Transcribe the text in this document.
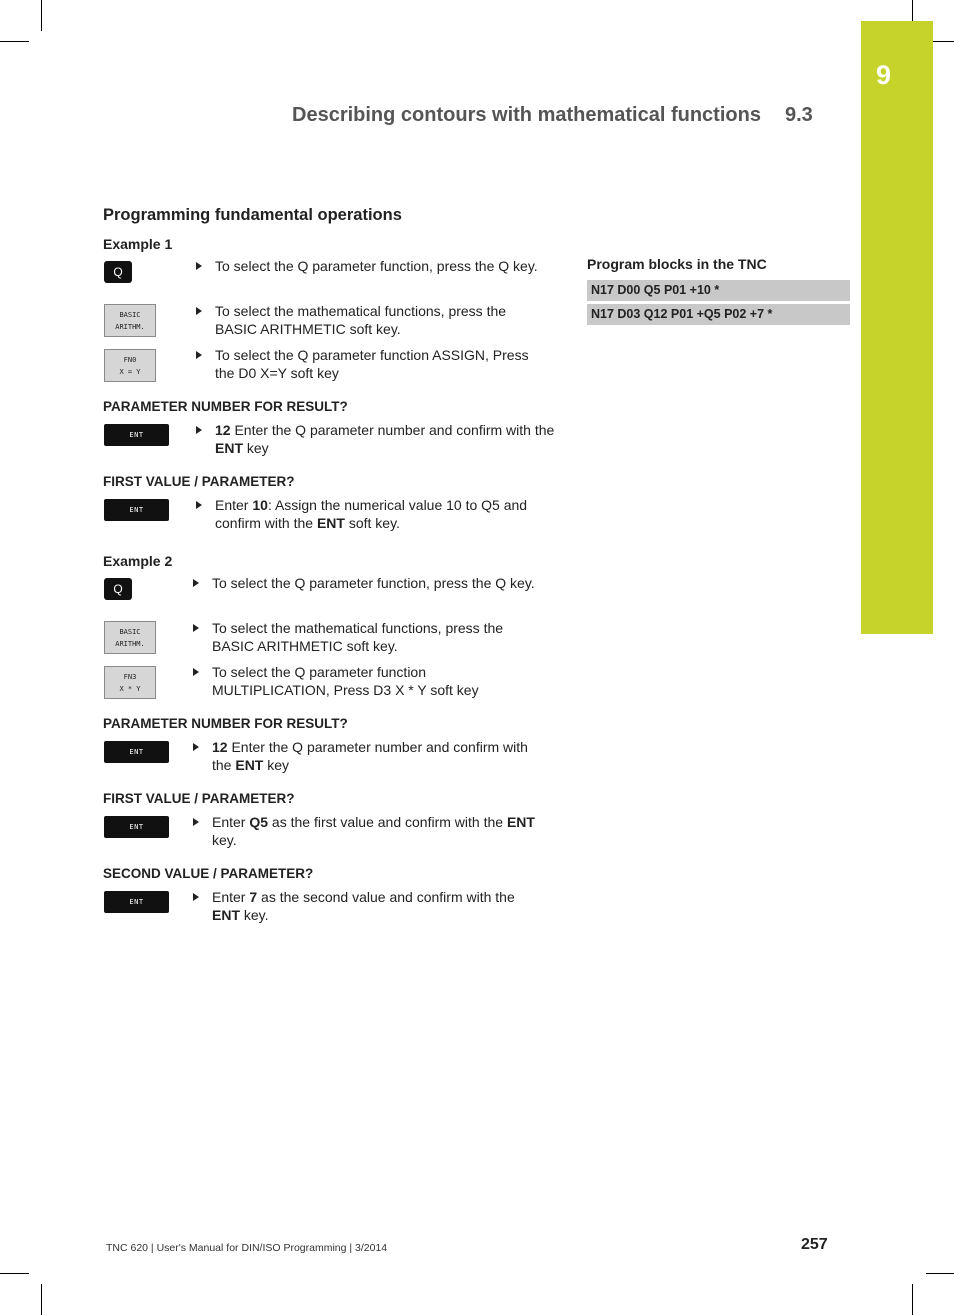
9
Describing contours with mathematical functions 9.3
Programming fundamental operations
Example 1
Q	To select the Q parameter function, press the Q key.
BASIC
ARITHM.
To select the mathematical functions, press the BASIC ARITHMETIC soft key.
FN0
X = Y
To select the Q parameter function ASSIGN, Press the D0 X=Y soft key
PARAMETER NUMBER FOR RESULT?
ENT	12 Enter the Q parameter number and confirm with the ENT key
FIRST VALUE / PARAMETER?
ENT	Enter 10: Assign the numerical value 10 to Q5 and confirm with the ENT soft key.
Example 2
Q	To select the Q parameter function, press the Q key.
BASIC
ARITHM.
To select the mathematical functions, press the BASIC ARITHMETIC soft key.
FN3
X * Y
To select the Q parameter function MULTIPLICATION, Press D3 X * Y soft key
PARAMETER NUMBER FOR RESULT?
ENT	12 Enter the Q parameter number and confirm with the ENT key
FIRST VALUE / PARAMETER?
ENT	Enter Q5 as the first value and confirm with the ENT key.
SECOND VALUE / PARAMETER?
ENT	Enter 7 as the second value and confirm with the ENT key.
Program blocks in the TNC
N17 D00 Q5 P01 +10 *
N17 D03 Q12 P01 +Q5 P02 +7 *
TNC 620 | User's Manual for DIN/ISO Programming | 3/2014	257
